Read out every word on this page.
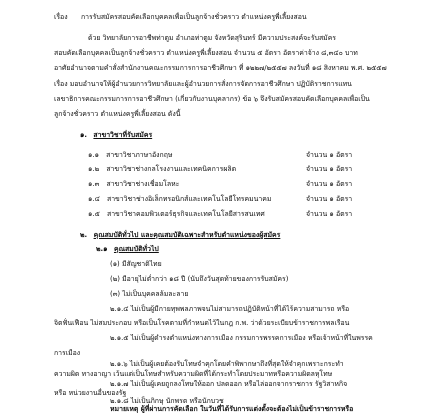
เรื่อง การรับสมัครสอบคัดเลือกบุคคลเพื่อเป็นลูกจ้างชั่วคราว ตำแหน่งครูพี่เลี้ยงสอน
ด้วย วิทยาลัยการอาชีพท่าตูม อำเภอท่าตูม จังหวัดสุรินทร์ มีความประสงค์จะรับสมัคร
สอบคัดเลือกบุคคลเป็นลูกจ้างชั่วคราว ตำแหน่งครูพี่เลี้ยงสอน จำนวน ๕ อัตรา อัตราค่าจ้าง ๘,๓๔๐ บาท
อาศัยอำนาจตามคำสั่งสำนักงานคณะกรรมการการอาชีวศึกษา ที่ ๑๒๒๗/๒๕๕๗ ลงวันที่ ๑๘ สิงหาคม พ.ศ. ๒๕๕๗
เรื่อง มอบอำนาจให้ผู้อำนวยการวิทยาลัยและผู้อำนวยการสั่งการจัดการอาชีวศึกษา ปฏิบัติราชการแทน
เลขาธิการคณะกรรมการการอาชีวศึกษา (เกี่ยวกับงานบุคลากร) ข้อ ๖ จึงรับสมัครสอบคัดเลือกบุคคลเพื่อเป็น
ลูกจ้างชั่วคราว ตำแหน่งครูพี่เลี้ยงสอน ดังนี้
๑. สาขาวิชาที่รับสมัคร
๑.๑ สาขาวิชาภาษาอังกฤษ	จำนวน ๑ อัตรา
๑.๒ สาขาวิชาช่างกลโรงงานและเทคนิคการผลิต	จำนวน ๑ อัตรา
๑.๓ สาขาวิชาช่างเชื่อมโลหะ	จำนวน ๑ อัตรา
๑.๔ สาขาวิชาช่างอิเล็กทรอนิกส์และเทคโนโลยีโทรคมนาคม	จำนวน ๑ อัตรา
๑.๕ สาขาวิชาคอมพิวเตอร์ธุรกิจและเทคโนโลยีสารสนเทศ	จำนวน ๑ อัตรา
๒. คุณสมบัติทั่วไป และคุณสมบัติเฉพาะสำหรับตำแหน่งของผู้สมัคร
๒.๑ คุณสมบัติทั่วไป
(๑) มีสัญชาติไทย
(๒) มีอายุไม่ต่ำกว่า ๑๘ ปี (นับถึงวันสุดท้ายของการรับสมัคร)
(๓) ไม่เป็นบุคคลล้มละลาย
๒.๑.๔ ไม่เป็นผู้มีกายทุพพลภาพจนไม่สามารถปฏิบัติหน้าที่ได้ไร้ความสามารถ หรือ
จิตฟั่นเฟือน ไม่สมประกอบ หรือเป็นโรคตามที่กำหนดไว้ในกฎ ก.พ. ว่าด้วยระเบียบข้าราชการพลเรือน
๒.๑.๕ ไม่เป็นผู้ดำรงตำแหน่งทางการเมือง กรรมการพรรคการเมือง หรือเจ้าหน้าที่ในพรรค
การเมือง
๒.๑.๖ ไม่เป็นผู้เคยต้องรับโทษจำคุกโดยคำพิพากษาถึงที่สุดให้จำคุกเพราะกระทำ
ความผิด ทางอาญา เว้นแต่เป็นโทษสำหรับความผิดที่ได้กระทำโดยประมาทหรือความผิดลหุโทษ
๒.๑.๗ ไม่เป็นผู้เคยถูกลงโทษให้ออก ปลดออก หรือไล่ออกจากราชการ รัฐวิสาหกิจ
หรือ หน่วยงานอื่นของรัฐ
๒.๑.๘ ไม่เป็นภิกษุ นักพรต หรือนักบวช
หมายเหตุ ผู้ที่ผ่านการคัดเลือก ในวันที่ได้รับการแต่งตั้งจะต้องไม่เป็นข้าราชการหรือ
